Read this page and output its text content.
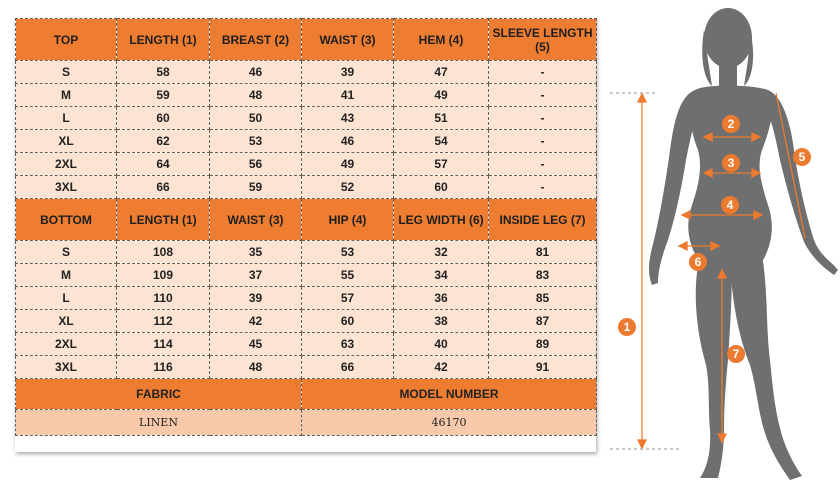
TOP	LENGTH (1)	BREAST (2)	WAIST (3)	HEM (4)	SLEEVE LENGTH (5)
S	58	46	39	47	-
M	59	48	41	49	-
L	60	50	43	51	-
XL	62	53	46	54	-
2XL	64	56	49	57	-
3XL	66	59	52	60	-
BOTTOM	LENGTH (1)	WAIST (3)	HIP (4)	LEG WIDTH (6)	INSIDE LEG (7)
S	108	35	53	32	81
M	109	37	55	34	83
L	110	39	57	36	85
XL	112	42	60	38	87
2XL	114	45	63	40	89
3XL	116	48	66	42	91
FABRIC			MODEL NUMBER		
LINEN			46170		
1
2
3
4
5
6
7
